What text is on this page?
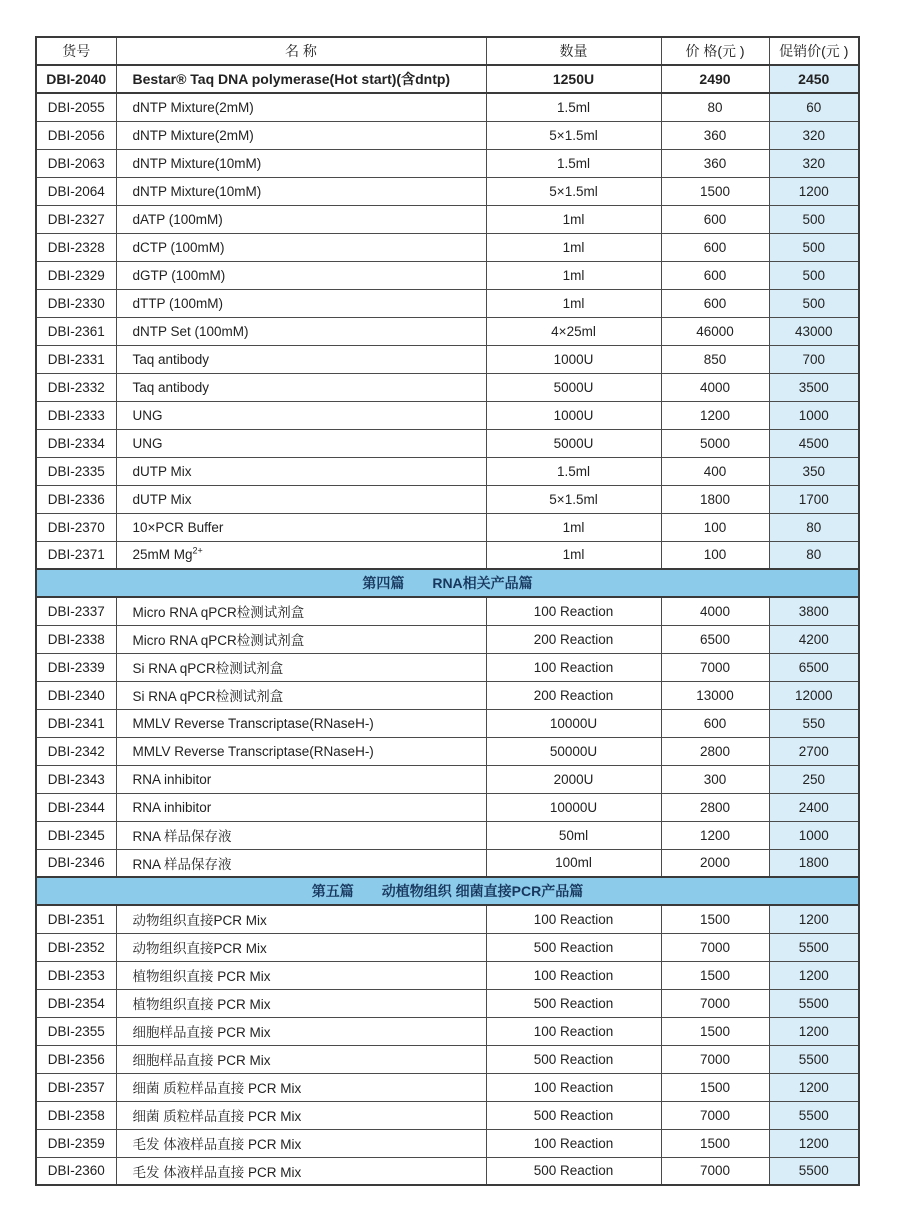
货号	名 称	数量	价 格(元 )	促销价(元 )
DBI-2040	Bestar® Taq DNA polymerase(Hot start)(含dntp)	1250U	2490	2450
DBI-2055	dNTP Mixture(2mM)	1.5ml	80	60
DBI-2056	dNTP Mixture(2mM)	5×1.5ml	360	320
DBI-2063	dNTP Mixture(10mM)	1.5ml	360	320
DBI-2064	dNTP Mixture(10mM)	5×1.5ml	1500	1200
DBI-2327	dATP (100mM)	1ml	600	500
DBI-2328	dCTP (100mM)	1ml	600	500
DBI-2329	dGTP (100mM)	1ml	600	500
DBI-2330	dTTP (100mM)	1ml	600	500
DBI-2361	dNTP Set (100mM)	4×25ml	46000	43000
DBI-2331	Taq antibody	1000U	850	700
DBI-2332	Taq antibody	5000U	4000	3500
DBI-2333	UNG	1000U	1200	1000
DBI-2334	UNG	5000U	5000	4500
DBI-2335	dUTP Mix	1.5ml	400	350
DBI-2336	dUTP Mix	5×1.5ml	1800	1700
DBI-2370	10×PCR Buffer	1ml	100	80
DBI-2371	25mM $Mg^{2+}$	1ml	100	80
第四篇　　RNA相关产品篇				
DBI-2337	Micro RNA qPCR检测试剂盒	100 Reaction	4000	3800
DBI-2338	Micro RNA qPCR检测试剂盒	200 Reaction	6500	4200
DBI-2339	Si RNA qPCR检测试剂盒	100 Reaction	7000	6500
DBI-2340	Si RNA qPCR检测试剂盒	200 Reaction	13000	12000
DBI-2341	MMLV Reverse Transcriptase(RNaseH-)	10000U	600	550
DBI-2342	MMLV Reverse Transcriptase(RNaseH-)	50000U	2800	2700
DBI-2343	RNA inhibitor	2000U	300	250
DBI-2344	RNA inhibitor	10000U	2800	2400
DBI-2345	RNA 样品保存液	50ml	1200	1000
DBI-2346	RNA 样品保存液	100ml	2000	1800
第五篇　　动植物组织 细菌直接PCR产品篇				
DBI-2351	动物组织直接PCR Mix	100 Reaction	1500	1200
DBI-2352	动物组织直接PCR Mix	500 Reaction	7000	5500
DBI-2353	植物组织直接 PCR Mix	100 Reaction	1500	1200
DBI-2354	植物组织直接 PCR Mix	500 Reaction	7000	5500
DBI-2355	细胞样品直接 PCR Mix	100 Reaction	1500	1200
DBI-2356	细胞样品直接 PCR Mix	500 Reaction	7000	5500
DBI-2357	细菌 质粒样品直接 PCR Mix	100 Reaction	1500	1200
DBI-2358	细菌 质粒样品直接 PCR Mix	500 Reaction	7000	5500
DBI-2359	毛发 体液样品直接 PCR Mix	100 Reaction	1500	1200
DBI-2360	毛发 体液样品直接 PCR Mix	500 Reaction	7000	5500
